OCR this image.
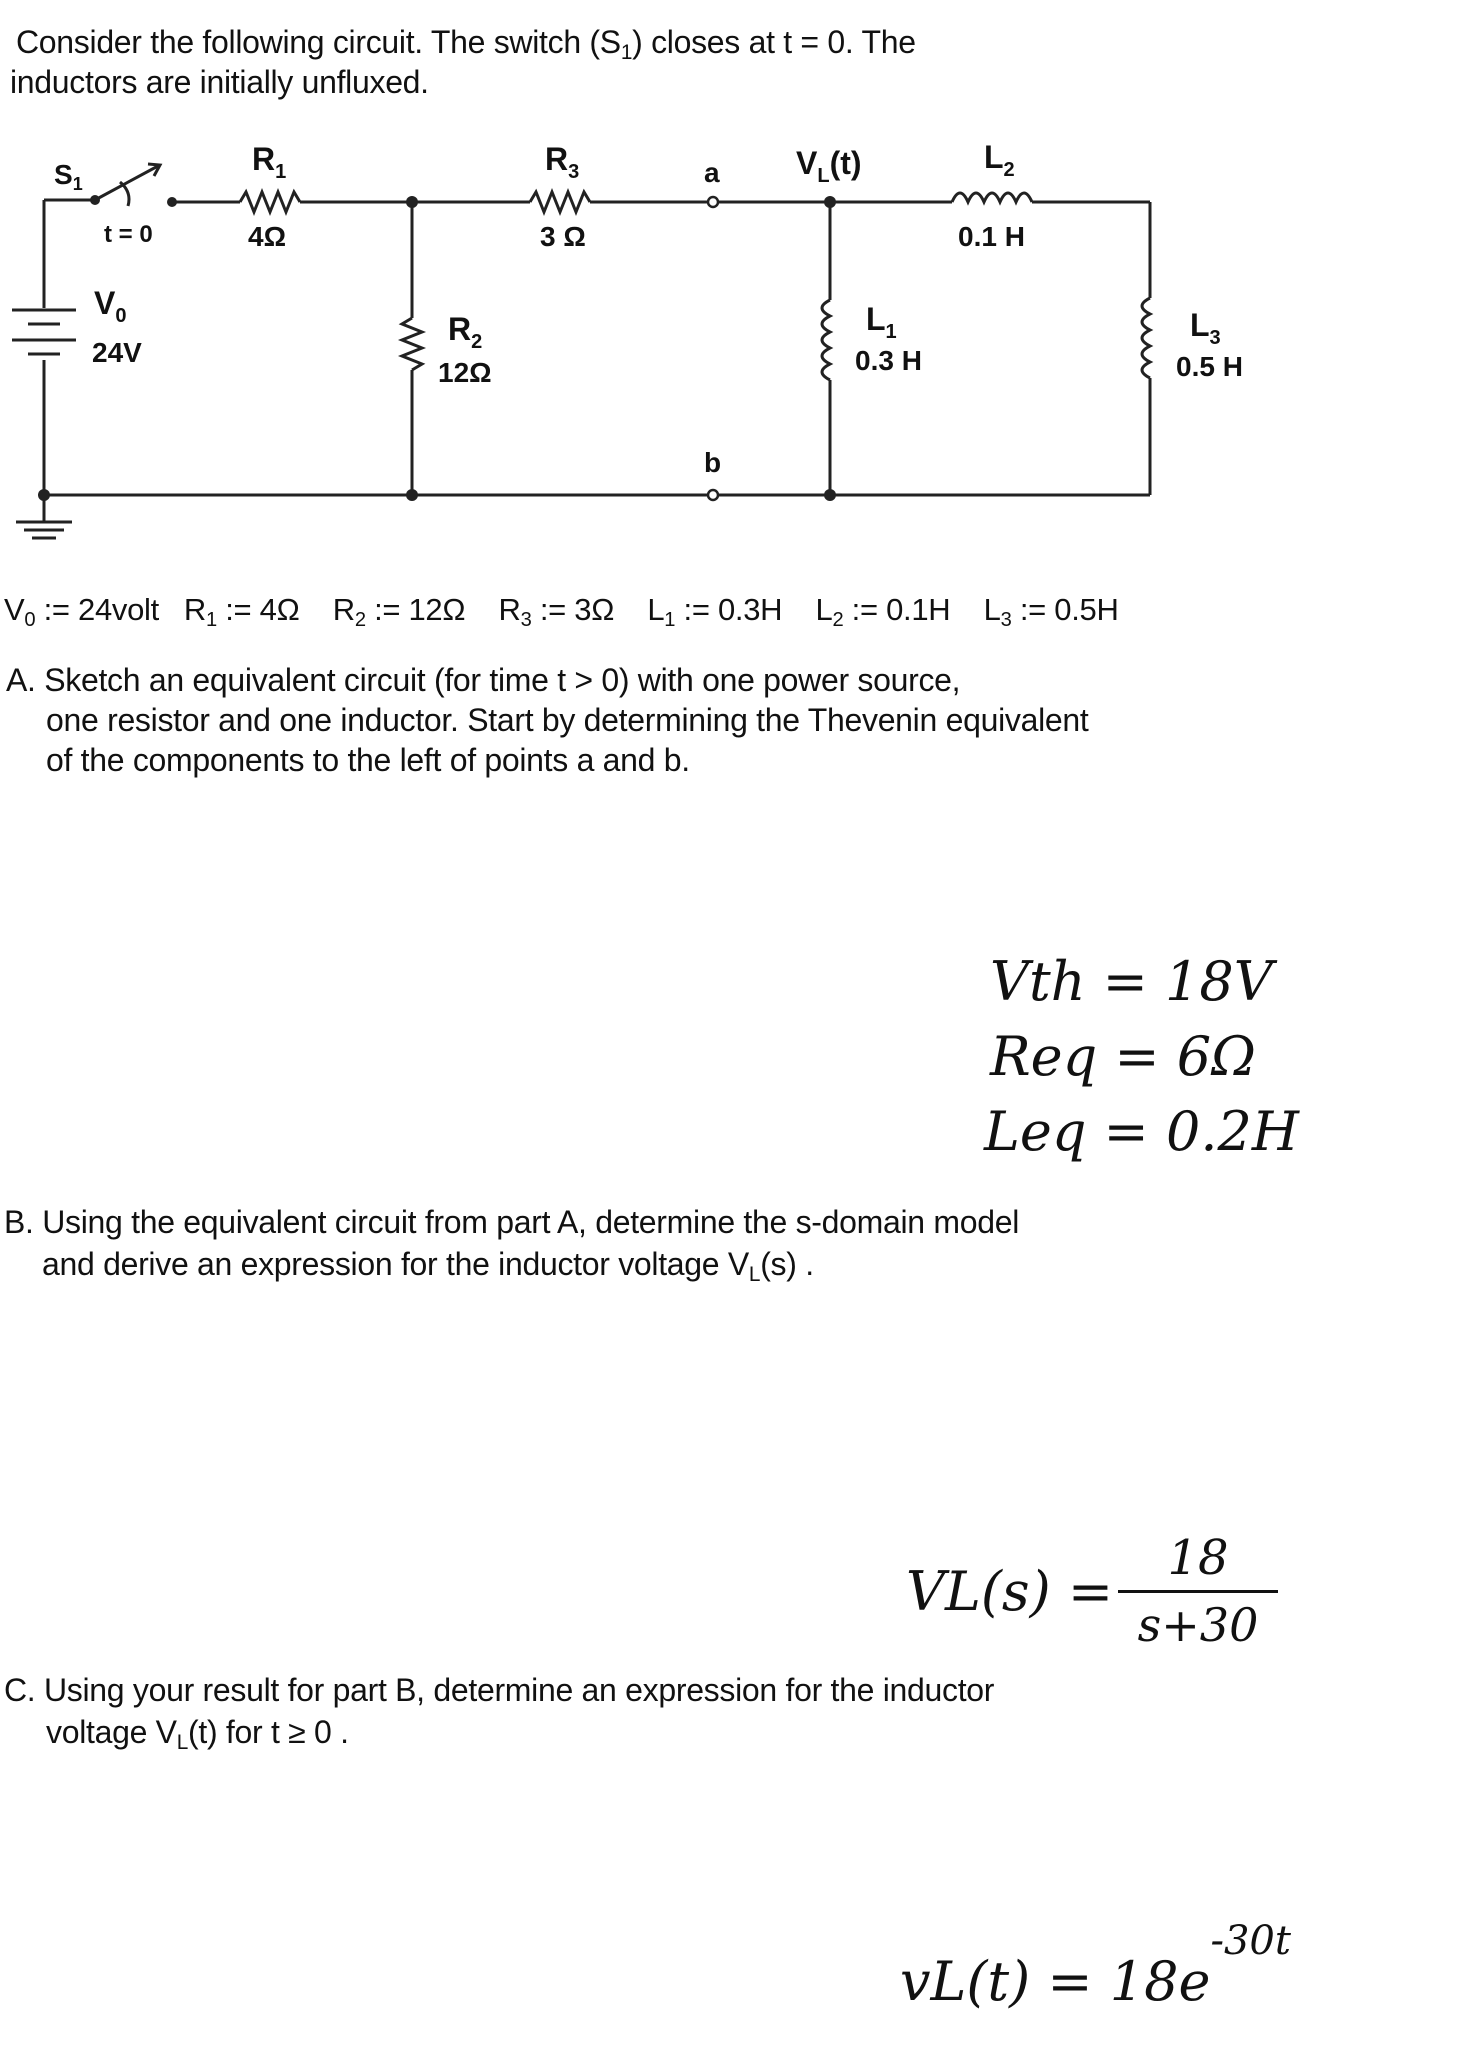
Consider the following circuit. The switch $(S_1)$ closes at t = 0. The
inductors are initially unfluxed.
$S_1$
t = 0
$R_1$
4Ω
$R_3$
3 Ω
a
b
$V_L(t)$	$L_2$
0.1 H
$V_0$
24V
$R_2$
12Ω
$L_1$
0.3 H
$L_3$
0.5 H
$V_0$ := 24volt $R_1$ := 4Ω $R_2$ := 12Ω $R_3$ := 3Ω $L_1$ := 0.3H $L_2$ := 0.1H $L_3$ := 0.5H
A. Sketch an equivalent circuit (for time t > 0) with one power source,
one resistor and one inductor. Start by determining the Thevenin equivalent
of the components to the left of points a and b.
Vth = 18V
Req = 6Ω
Leq = 0.2H
B. Using the equivalent circuit from part A, determine the s-domain model
and derive an expression for the inductor voltage $V_L(s)$ .
VL(s) =
18
s+30
C. Using your result for part B, determine an expression for the inductor
voltage $V_L(t)$ for t ≥ 0 .
$vL(t) = 18e^{-30t}$
